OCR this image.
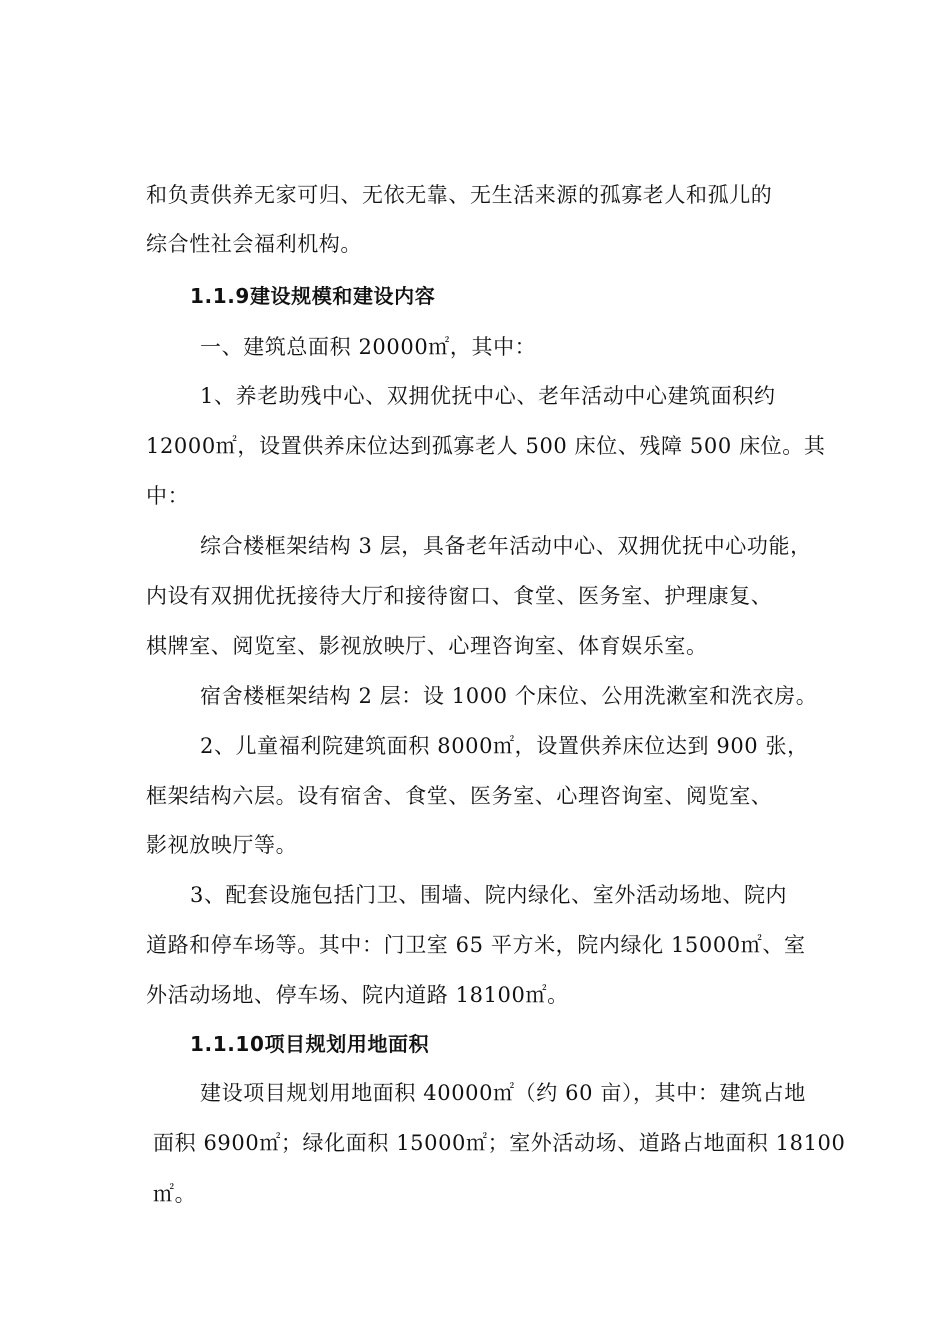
和负责供养无家可归、无依无靠、无生活来源的孤寡老人和孤儿的
综合性社会福利机构。
1.1.9建设规模和建设内容
一、建筑总面积 20000㎡，其中：
1、养老助残中心、双拥优抚中心、老年活动中心建筑面积约
12000㎡，设置供养床位达到孤寡老人 500 床位、残障 500 床位。其
中：
综合楼框架结构 3 层，具备老年活动中心、双拥优抚中心功能，
内设有双拥优抚接待大厅和接待窗口、食堂、医务室、护理康复、
棋牌室、阅览室、影视放映厅、心理咨询室、体育娱乐室。
宿舍楼框架结构 2 层：设 1000 个床位、公用洗漱室和洗衣房。
2、儿童福利院建筑面积 8000㎡，设置供养床位达到 900 张，
框架结构六层。设有宿舍、食堂、医务室、心理咨询室、阅览室、
影视放映厅等。
3、配套设施包括门卫、围墙、院内绿化、室外活动场地、院内
道路和停车场等。其中：门卫室 65 平方米，院内绿化 15000㎡、室
外活动场地、停车场、院内道路 18100㎡。
1.1.10项目规划用地面积
建设项目规划用地面积 40000㎡（约 60 亩），其中：建筑占地
面积 6900㎡；绿化面积 15000㎡；室外活动场、道路占地面积 18100
㎡。
